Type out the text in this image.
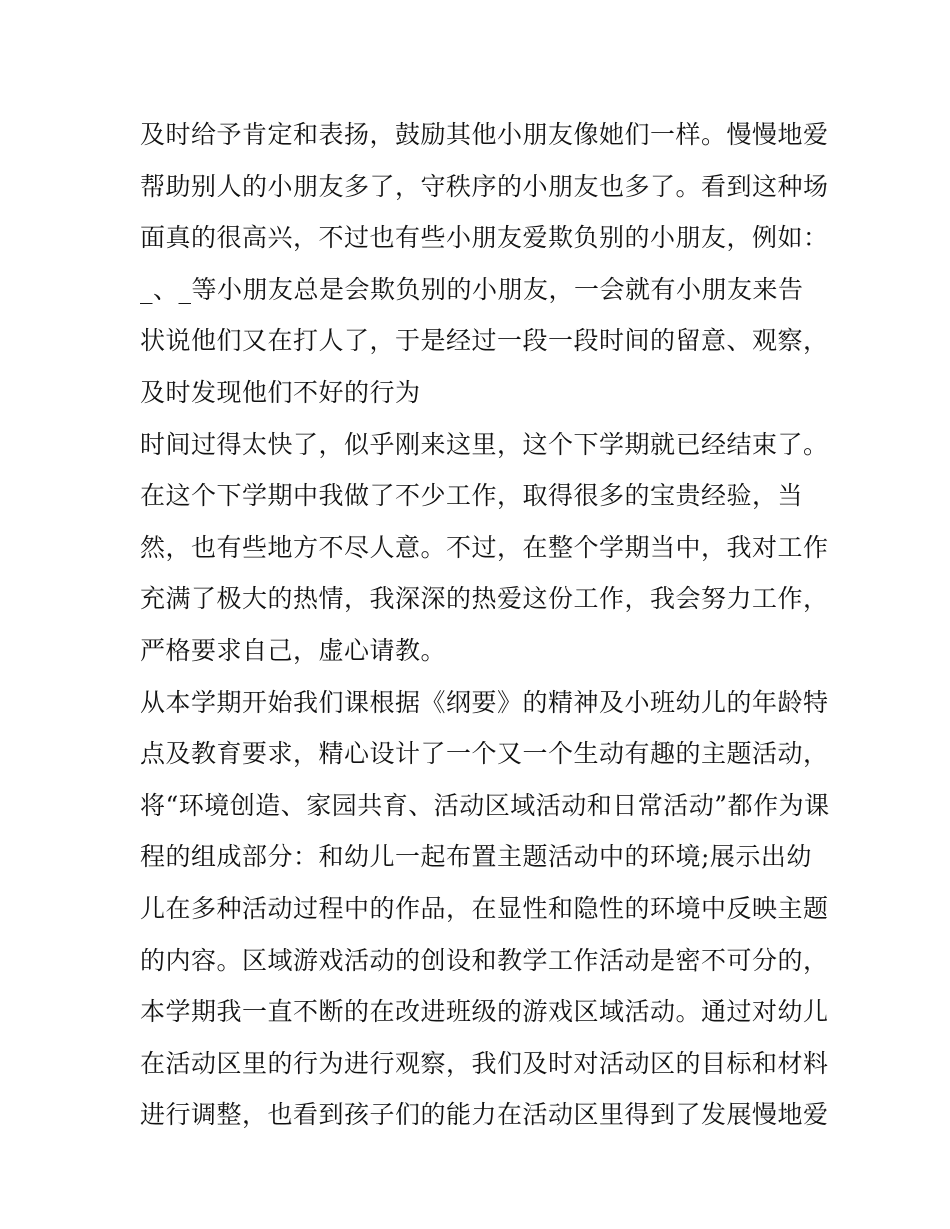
及时给予肯定和表扬，鼓励其他小朋友像她们一样。慢慢地爱
帮助别人的小朋友多了，守秩序的小朋友也多了。看到这种场
面真的很高兴，不过也有些小朋友爱欺负别的小朋友，例如：
_、_等小朋友总是会欺负别的小朋友，一会就有小朋友来告
状说他们又在打人了，于是经过一段一段时间的留意、观察，
及时发现他们不好的行为
时间过得太快了，似乎刚来这里，这个下学期就已经结束了。
在这个下学期中我做了不少工作，取得很多的宝贵经验，当
然，也有些地方不尽人意。不过，在整个学期当中，我对工作
充满了极大的热情，我深深的热爱这份工作，我会努力工作，
严格要求自己，虚心请教。
从本学期开始我们课根据《纲要》的精神及小班幼儿的年龄特
点及教育要求，精心设计了一个又一个生动有趣的主题活动，
将“环境创造、家园共育、活动区域活动和日常活动”都作为课
程的组成部分：和幼儿一起布置主题活动中的环境;展示出幼
儿在多种活动过程中的作品，在显性和隐性的环境中反映主题
的内容。区域游戏活动的创设和教学工作活动是密不可分的，
本学期我一直不断的在改进班级的游戏区域活动。通过对幼儿
在活动区里的行为进行观察，我们及时对活动区的目标和材料
进行调整，也看到孩子们的能力在活动区里得到了发展慢地爱
